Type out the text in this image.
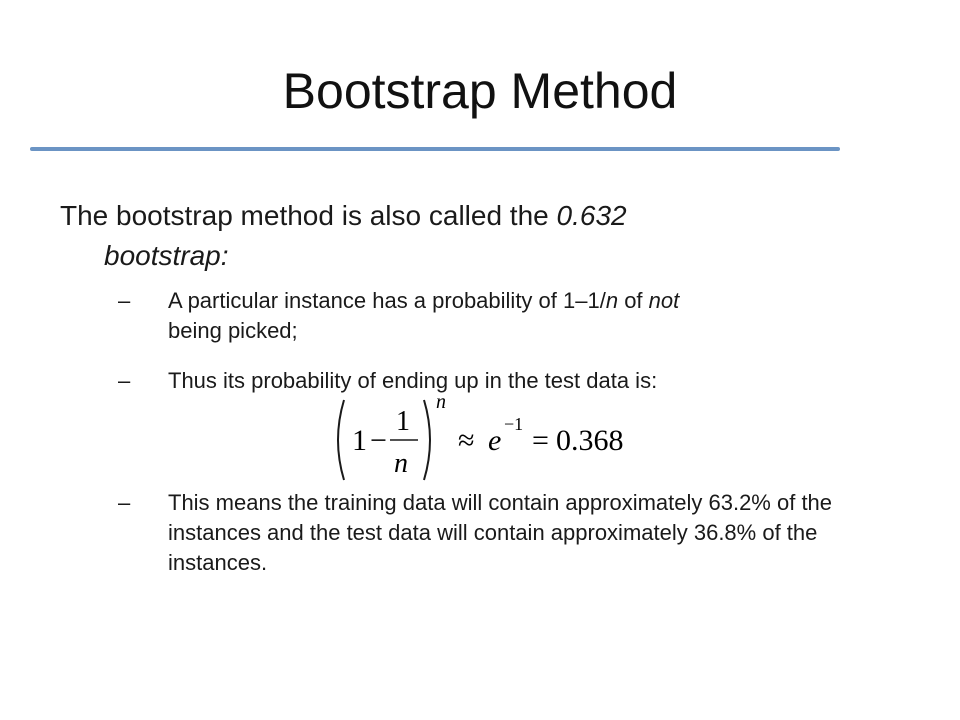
Bootstrap Method
The bootstrap method is also called the 0.632
bootstrap:
– A particular instance has a probability of 1–1/n of not
being picked;
– Thus its probability of ending up in the test data is:
1 −
1
n
n
≈ e −1 = 0.368
– This means the training data will contain approximately 63.2% of the instances and the test data will contain approximately 36.8% of the instances.
